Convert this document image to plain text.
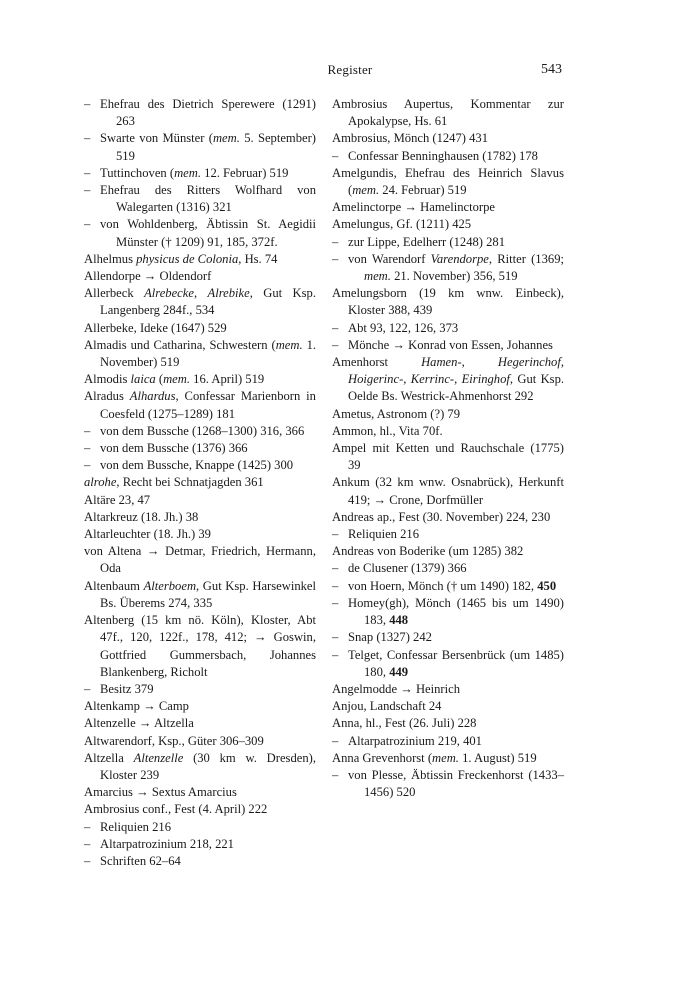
Register	543
– Ehefrau des Dietrich Sperewere (1291) 263
– Swarte von Münster (mem. 5. September) 519
– Tuttinchoven (mem. 12. Februar) 519
– Ehefrau des Ritters Wolfhard von Walegarten (1316) 321
– von Wohldenberg, Äbtissin St. Aegidii Münster († 1209) 91, 185, 372f.
Alhelmus physicus de Colonia, Hs. 74
Allendorpe → Oldendorf
Allerbeck Alrebecke, Alrebike, Gut Ksp. Langenberg 284f., 534
Allerbeke, Ideke (1647) 529
Almadis und Catharina, Schwestern (mem. 1. November) 519
Almodis laica (mem. 16. April) 519
Alradus Alhardus, Confessar Marienborn in Coesfeld (1275–1289) 181
– von dem Bussche (1268–1300) 316, 366
– von dem Bussche (1376) 366
– von dem Bussche, Knappe (1425) 300
alrohe, Recht bei Schnatjagden 361
Altäre 23, 47
Altarkreuz (18. Jh.) 38
Altarleuchter (18. Jh.) 39
von Altena → Detmar, Friedrich, Hermann, Oda
Altenbaum Alterboem, Gut Ksp. Harsewinkel Bs. Überems 274, 335
Altenberg (15 km nö. Köln), Kloster, Abt 47f., 120, 122f., 178, 412; → Goswin, Gottfried Gummersbach, Johannes Blankenberg, Richolt
– Besitz 379
Altenkamp → Camp
Altenzelle → Altzella
Altwarendorf, Ksp., Güter 306–309
Altzella Altenzelle (30 km w. Dresden), Kloster 239
Amarcius → Sextus Amarcius
Ambrosius conf., Fest (4. April) 222
– Reliquien 216
– Altarpatrozinium 218, 221
– Schriften 62–64
Ambrosius Aupertus, Kommentar zur Apokalypse, Hs. 61
Ambrosius, Mönch (1247) 431
– Confessar Benninghausen (1782) 178
Amelgundis, Ehefrau des Heinrich Slavus (mem. 24. Februar) 519
Amelinctorpe → Hamelinctorpe
Amelungus, Gf. (1211) 425
– zur Lippe, Edelherr (1248) 281
– von Warendorf Varendorpe, Ritter (1369; mem. 21. November) 356, 519
Amelungsborn (19 km wnw. Einbeck), Kloster 388, 439
– Abt 93, 122, 126, 373
– Mönche → Konrad von Essen, Johannes
Amenhorst Hamen-, Hegerinchof, Hoigerinc-, Kerrinc-, Eiringhof, Gut Ksp. Oelde Bs. Westrick-Ahmenhorst 292
Ametus, Astronom (?) 79
Ammon, hl., Vita 70f.
Ampel mit Ketten und Rauchschale (1775) 39
Ankum (32 km wnw. Osnabrück), Herkunft 419; → Crone, Dorfmüller
Andreas ap., Fest (30. November) 224, 230
– Reliquien 216
Andreas von Boderike (um 1285) 382
– de Clusener (1379) 366
– von Hoern, Mönch († um 1490) 182, 450
– Homey(gh), Mönch (1465 bis um 1490) 183, 448
– Snap (1327) 242
– Telget, Confessar Bersenbrück (um 1485) 180, 449
Angelmodde → Heinrich
Anjou, Landschaft 24
Anna, hl., Fest (26. Juli) 228
– Altarpatrozinium 219, 401
Anna Grevenhorst (mem. 1. August) 519
– von Plesse, Äbtissin Freckenhorst (1433–1456) 520
